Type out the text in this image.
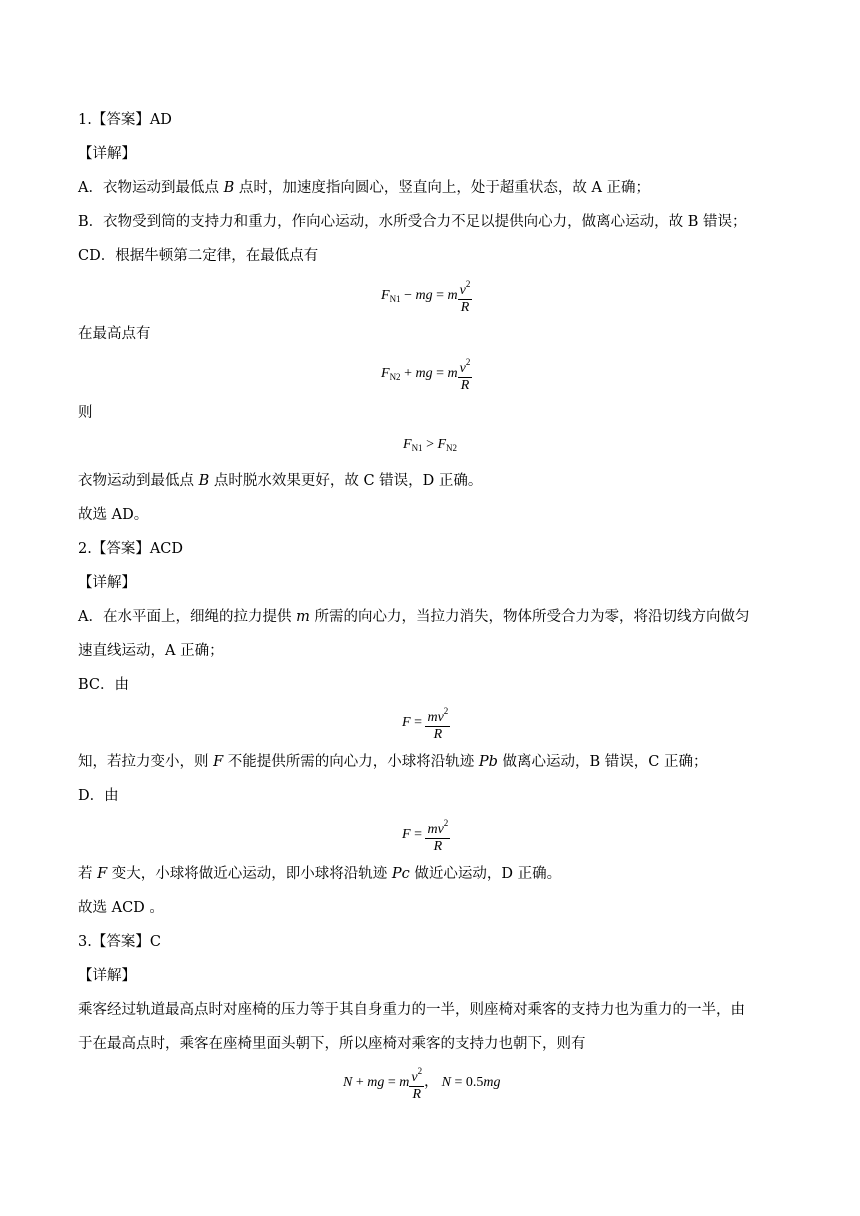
1.【答案】AD
【详解】
A．衣物运动到最低点 B 点时，加速度指向圆心，竖直向上，处于超重状态，故 A 正确；
B．衣物受到筒的支持力和重力，作向心运动，水所受合力不足以提供向心力，做离心运动，故 B 错误；
CD．根据牛顿第二定律，在最低点有
$F_{N1}$ − mg = m $\frac{v^2}{R}$
在最高点有
$F_{N2}$ + mg = m $\frac{v^2}{R}$
则
$F_{N1} > F_{N2}$
衣物运动到最低点 B 点时脱水效果更好，故 C 错误，D 正确。
故选 AD。
2.【答案】ACD
【详解】
A．在水平面上，细绳的拉力提供 m 所需的向心力，当拉力消失，物体所受合力为零，将沿切线方向做匀
速直线运动，A 正确；
BC．由
$F = \frac{mv^2}{R}$
知，若拉力变小，则 F 不能提供所需的向心力，小球将沿轨迹 Pb 做离心运动，B 错误，C 正确；
D．由
$F = \frac{mv^2}{R}$
若 F 变大，小球将做近心运动，即小球将沿轨迹 Pc 做近心运动，D 正确。
故选 ACD 。
3.【答案】C
【详解】
乘客经过轨道最高点时对座椅的压力等于其自身重力的一半，则座椅对乘客的支持力也为重力的一半，由
于在最高点时，乘客在座椅里面头朝下，所以座椅对乘客的支持力也朝下，则有
N + mg = m $\frac{v^2}{R}$ ， N = 0.5mg
